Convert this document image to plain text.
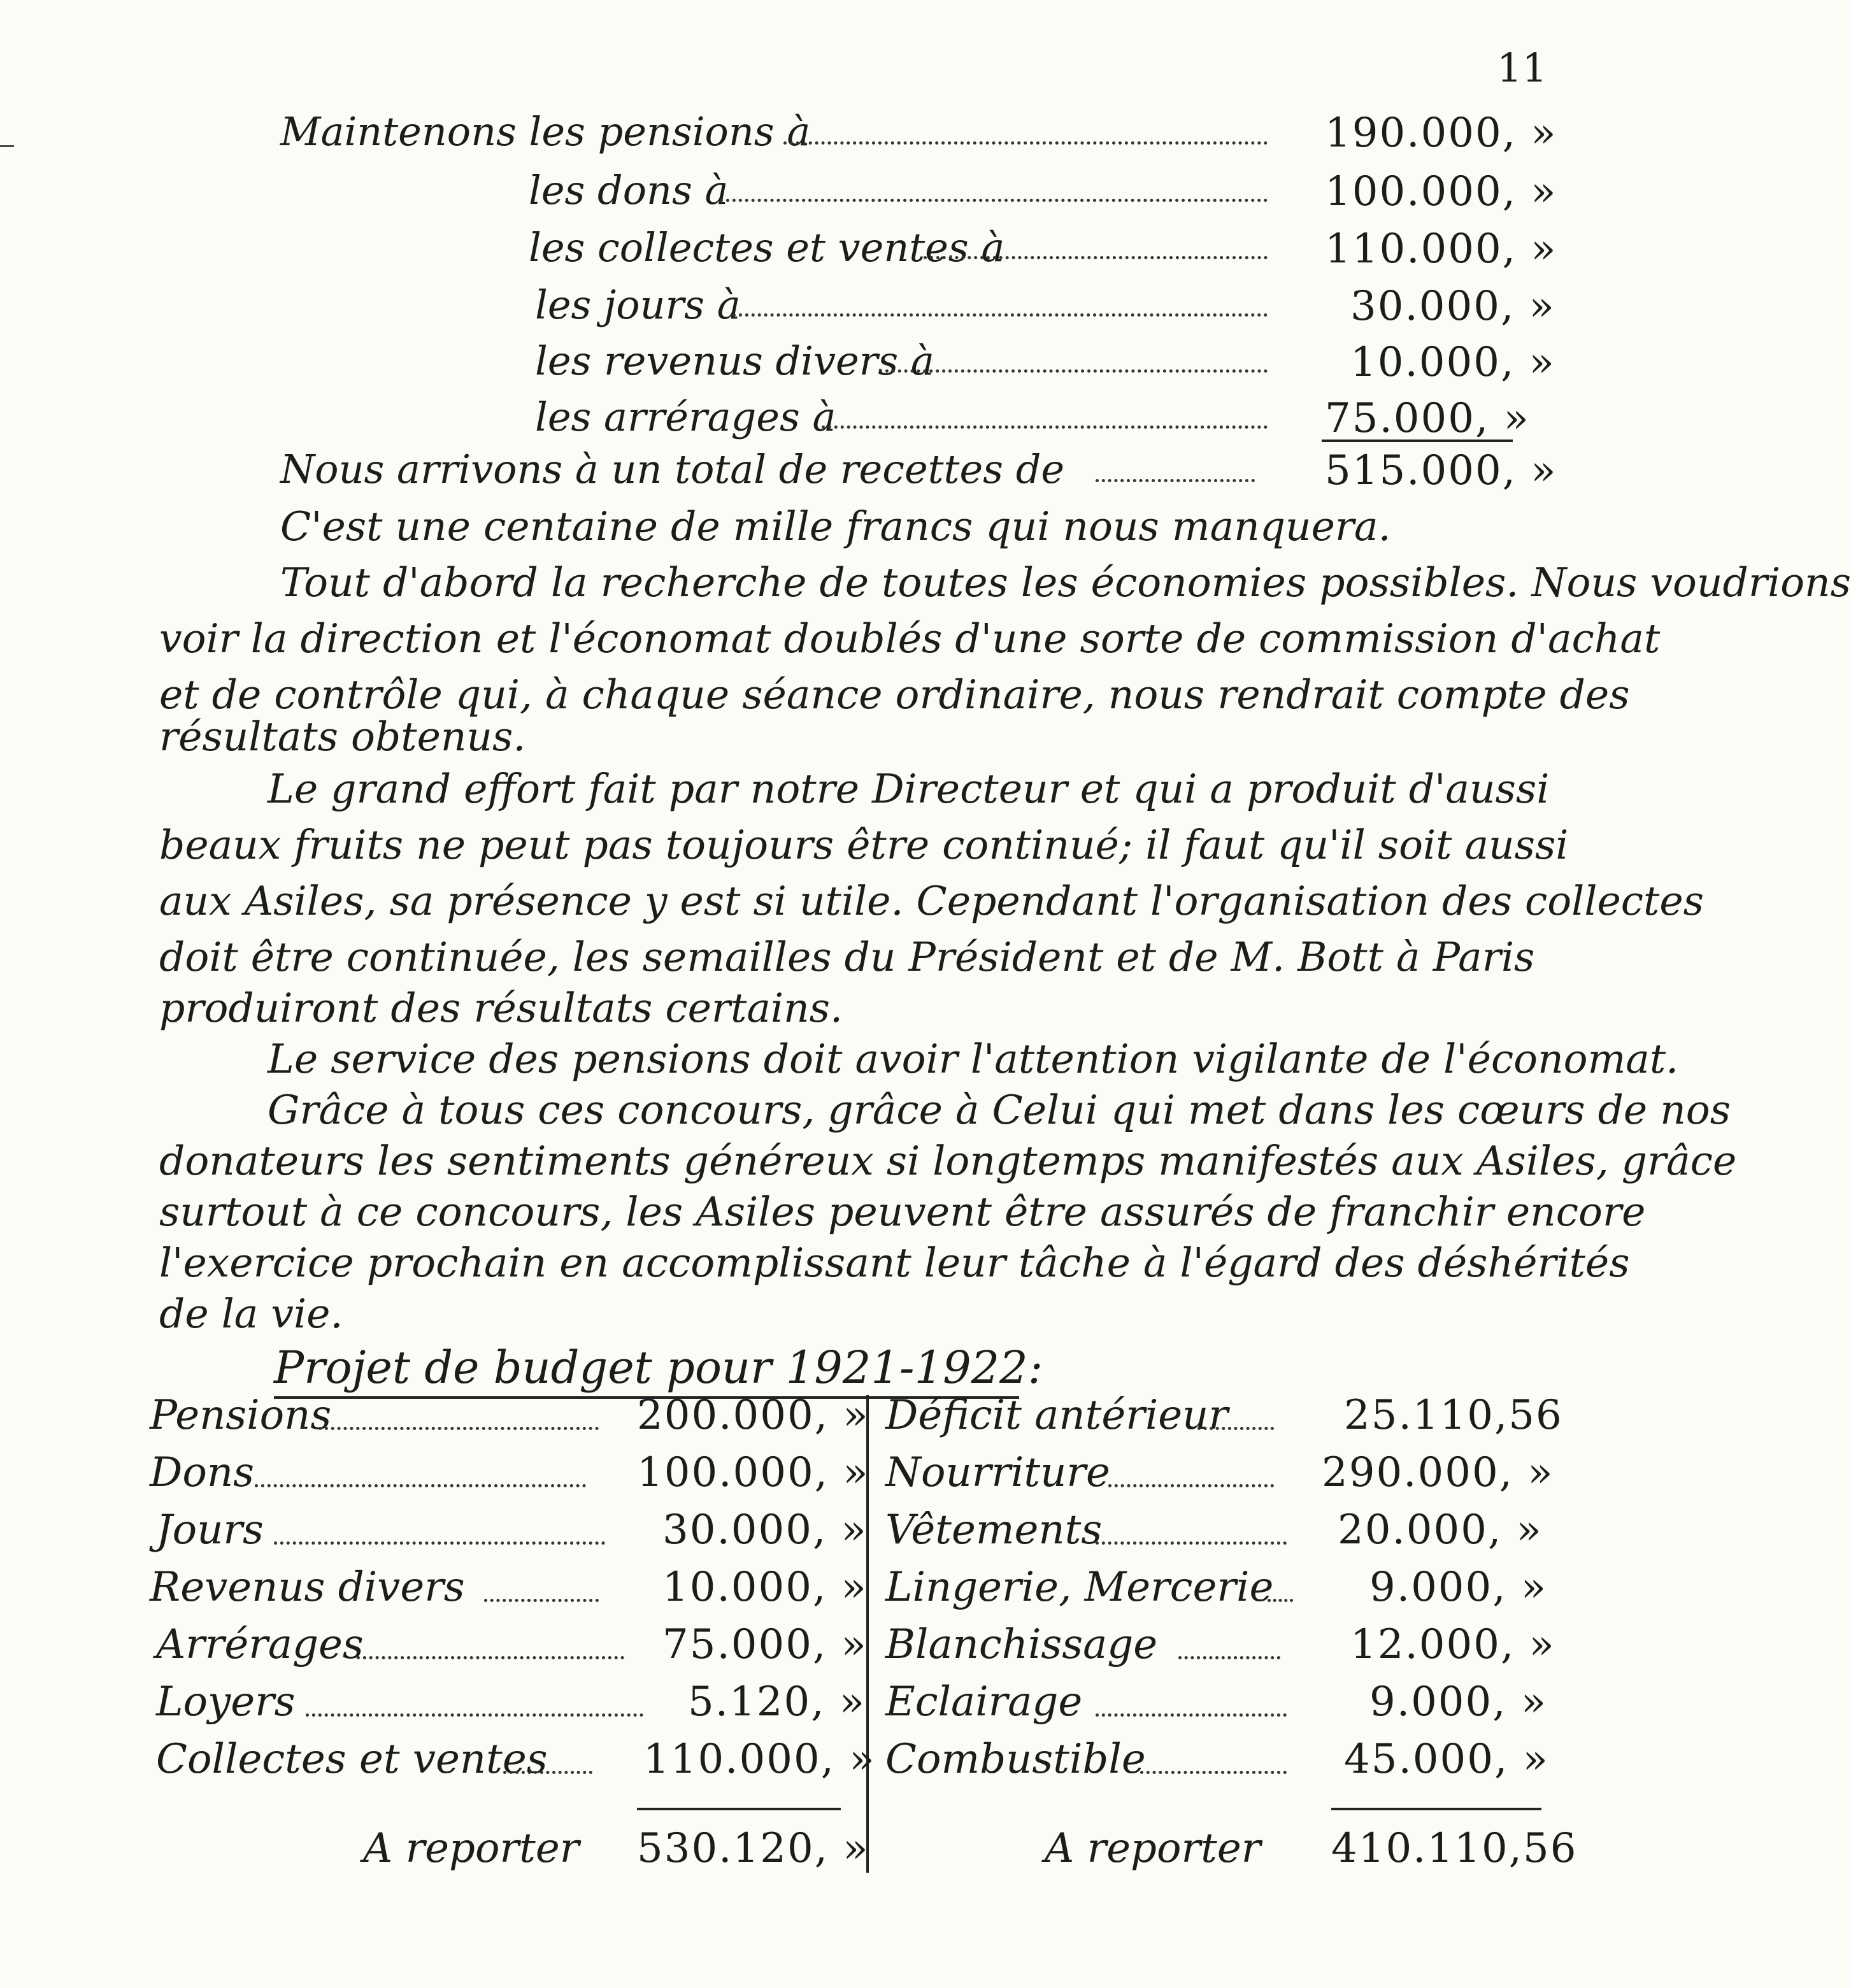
11
Maintenons les pensions à	190.000, »
les dons à	100.000, »
les collectes et ventes à	110.000, »
les jours à	30.000, »
les revenus divers à	10.000, »
les arrérages à	75.000, »
Nous arrivons à un total de recettes de	515.000, »
C'est une centaine de mille francs qui nous manquera.
Tout d'abord la recherche de toutes les économies possibles. Nous voudrions
voir la direction et l'économat doublés d'une sorte de commission d'achat
et de contrôle qui, à chaque séance ordinaire, nous rendrait compte des
résultats obtenus.
Le grand effort fait par notre Directeur et qui a produit d'aussi
beaux fruits ne peut pas toujours être continué; il faut qu'il soit aussi
aux Asiles, sa présence y est si utile. Cependant l'organisation des collectes
doit être continuée, les semailles du Président et de M. Bott à Paris
produiront des résultats certains.
Le service des pensions doit avoir l'attention vigilante de l'économat.
Grâce à tous ces concours, grâce à Celui qui met dans les cœurs de nos
donateurs les sentiments généreux si longtemps manifestés aux Asiles, grâce
surtout à ce concours, les Asiles peuvent être assurés de franchir encore
l'exercice prochain en accomplissant leur tâche à l'égard des déshérités
de la vie.
Projet de budget pour 1921-1922:
Pensions	200.000, »
Dons	100.000, »
Jours	30.000, »
Revenus divers	10.000, »
Arrérages	75.000, »
Loyers	5.120, »
Collectes et ventes 110.000, »
A reporter 530.120, »
Déficit antérieur	25.110,56
Nourriture	290.000, »
Vêtements	20.000, »
Lingerie, Mercerie 9.000, »
Blanchissage	12.000, »
Eclairage	9.000, »
Combustible	45.000, »
A reporter 410.110,56
